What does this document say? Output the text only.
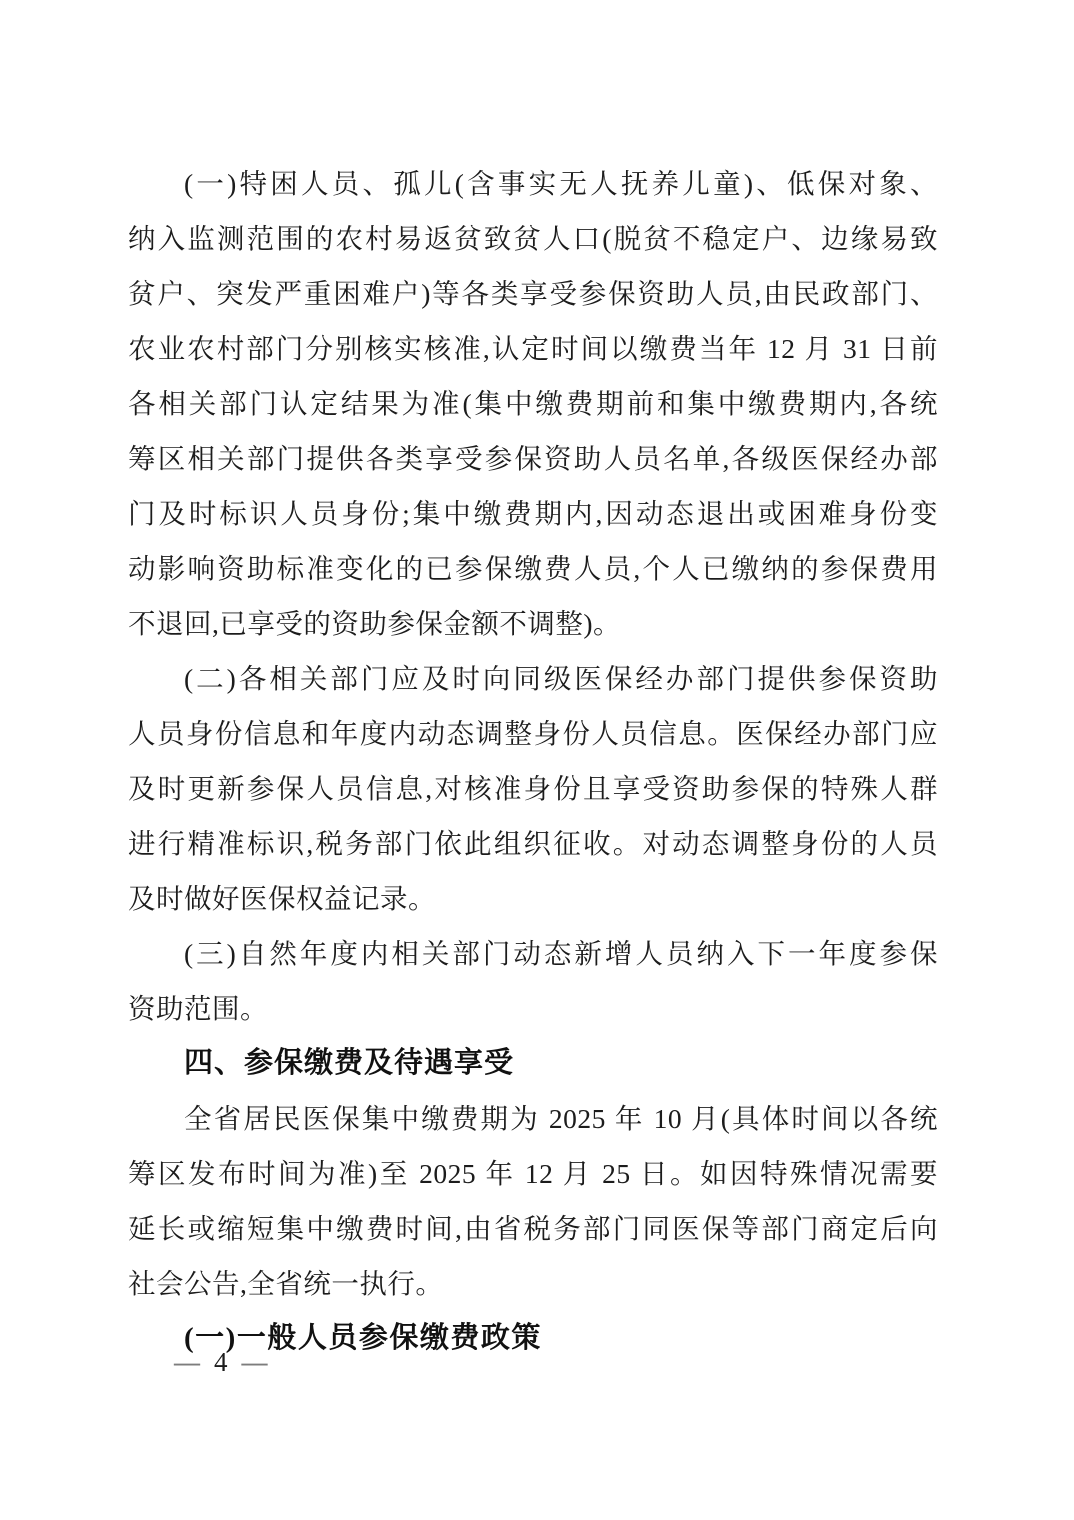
(一)特困人员、孤儿(含事实无人抚养儿童)、低保对象、
纳入监测范围的农村易返贫致贫人口(脱贫不稳定户、边缘易致
贫户、突发严重困难户)等各类享受参保资助人员,由民政部门、
农业农村部门分别核实核准,认定时间以缴费当年 12 月 31 日前
各相关部门认定结果为准(集中缴费期前和集中缴费期内,各统
筹区相关部门提供各类享受参保资助人员名单,各级医保经办部
门及时标识人员身份;集中缴费期内,因动态退出或困难身份变
动影响资助标准变化的已参保缴费人员,个人已缴纳的参保费用
不退回,已享受的资助参保金额不调整)。
(二)各相关部门应及时向同级医保经办部门提供参保资助
人员身份信息和年度内动态调整身份人员信息。医保经办部门应
及时更新参保人员信息,对核准身份且享受资助参保的特殊人群
进行精准标识,税务部门依此组织征收。对动态调整身份的人员
及时做好医保权益记录。
(三)自然年度内相关部门动态新增人员纳入下一年度参保
资助范围。
四、参保缴费及待遇享受
全省居民医保集中缴费期为 2025 年 10 月(具体时间以各统
筹区发布时间为准)至 2025 年 12 月 25 日。如因特殊情况需要
延长或缩短集中缴费时间,由省税务部门同医保等部门商定后向
社会公告,全省统一执行。
(一)一般人员参保缴费政策
— 4 —
